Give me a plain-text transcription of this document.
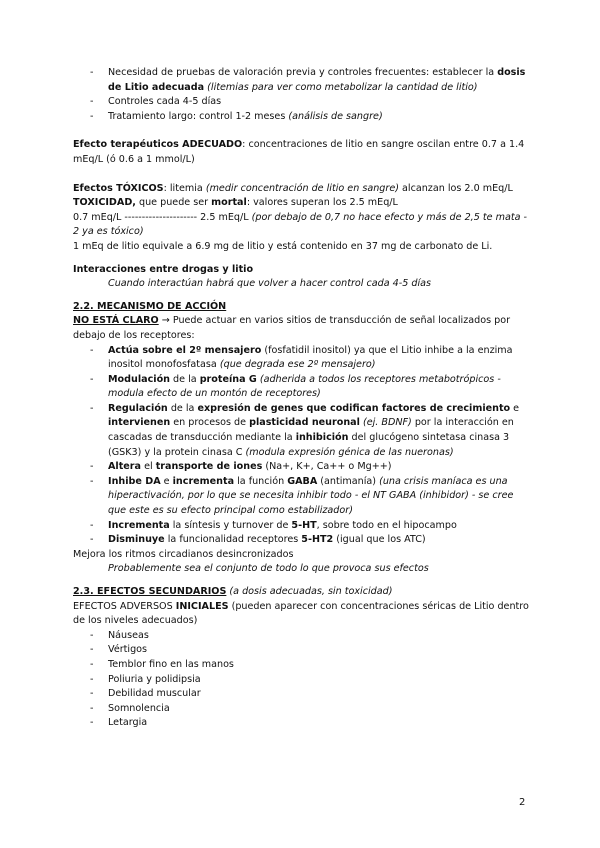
- Necesidad de pruebas de valoración previa y controles frecuentes: establecer la dosis de Litio adecuada (litemias para ver como metabolizar la cantidad de litio)
- Controles cada 4-5 días
- Tratamiento largo: control 1-2 meses (análisis de sangre)

Efecto terapéuticos ADECUADO: concentraciones de litio en sangre oscilan entre 0.7 a 1.4 mEq/L (ó 0.6 a 1 mmol/L)

Efectos TÓXICOS: litemia (medir concentración de litio en sangre) alcanzan los 2.0 mEq/L
TOXICIDAD, que puede ser mortal: valores superan los 2.5 mEq/L

0.7 mEq/L --------------------- 2.5 mEq/L (por debajo de 0,7 no hace efecto y más de 2,5 te mata - 2 ya es tóxico)

1 mEq de litio equivale a 6.9 mg de litio y está contenido en 37 mg de carbonato de Li.

Interacciones entre drogas y litio

Cuando interactúan habrá que volver a hacer control cada 4-5 días

2.2. MECANISMO DE ACCIÓN

NO ESTÁ CLARO → Puede actuar en varios sitios de transducción de señal localizados por debajo de los receptores:

- Actúa sobre el 2º mensajero (fosfatidil inositol) ya que el Litio inhibe a la enzima inositol monofosfatasa (que degrada ese 2º mensajero)
- Modulación de la proteína G (adherida a todos los receptores metabotrópicos - modula efecto de un montón de receptores)
- Regulación de la expresión de genes que codifican factores de crecimiento e intervienen en procesos de plasticidad neuronal (ej. BDNF) por la interacción en cascadas de transducción mediante la inhibición del glucógeno sintetasa cinasa 3 (GSK3) y la protein cinasa C (modula expresión génica de las nueronas)
- Altera el transporte de iones (Na+, K+, Ca++ o Mg++)
- Inhibe DA e incrementa la función GABA (antimanía) (una crisis maníaca es una hiperactivación, por lo que se necesita inhibir todo - el NT GABA (inhibidor) - se cree que este es su efecto principal como estabilizador)
- Incrementa la síntesis y turnover de 5-HT, sobre todo en el hipocampo
- Disminuye la funcionalidad receptores 5-HT2 (igual que los ATC)

Mejora los ritmos circadianos desincronizados

Probablemente sea el conjunto de todo lo que provoca sus efectos

2.3. EFECTOS SECUNDARIOS (a dosis adecuadas, sin toxicidad)

EFECTOS ADVERSOS INICIALES (pueden aparecer con concentraciones séricas de Litio dentro de los niveles adecuados)

- Náuseas
- Vértigos
- Temblor fino en las manos
- Poliuria y polidipsia
- Debilidad muscular
- Somnolencia
- Letargia
2
